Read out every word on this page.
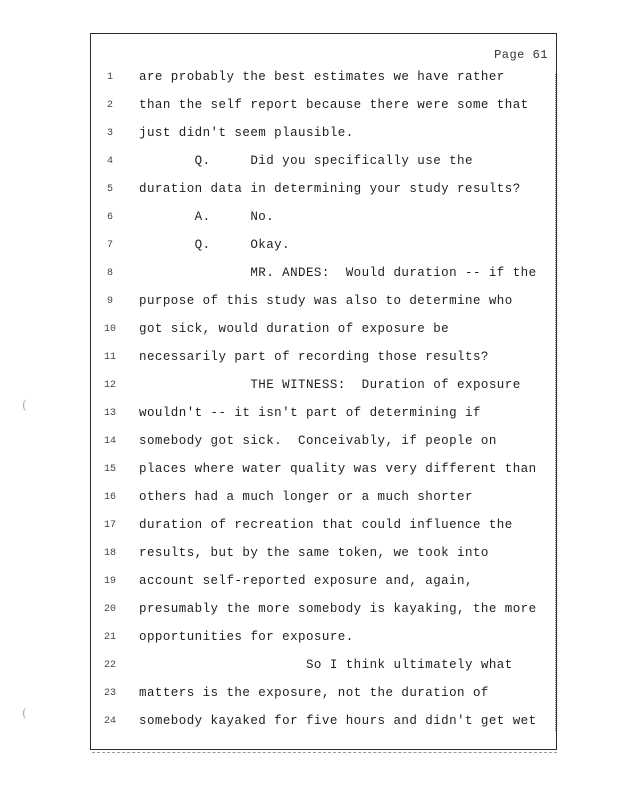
Page 61
1	are probably the best estimates we have rather
2	than the self report because there were some that
3	just didn't seem plausible.
4	Q.     Did you specifically use the
5	duration data in determining your study results?
6	A.     No.
7	Q.     Okay.
8	MR. ANDES:  Would duration -- if the
9	purpose of this study was also to determine who
10	got sick, would duration of exposure be
11	necessarily part of recording those results?
12	THE WITNESS:  Duration of exposure
13	wouldn't -- it isn't part of determining if
14	somebody got sick.  Conceivably, if people on
15	places where water quality was very different than
16	others had a much longer or a much shorter
17	duration of recreation that could influence the
18	results, but by the same token, we took into
19	account self-reported exposure and, again,
20	presumably the more somebody is kayaking, the more
21	opportunities for exposure.
22	So I think ultimately what
23	matters is the exposure, not the duration of
24	somebody kayaked for five hours and didn't get wet
(
(
